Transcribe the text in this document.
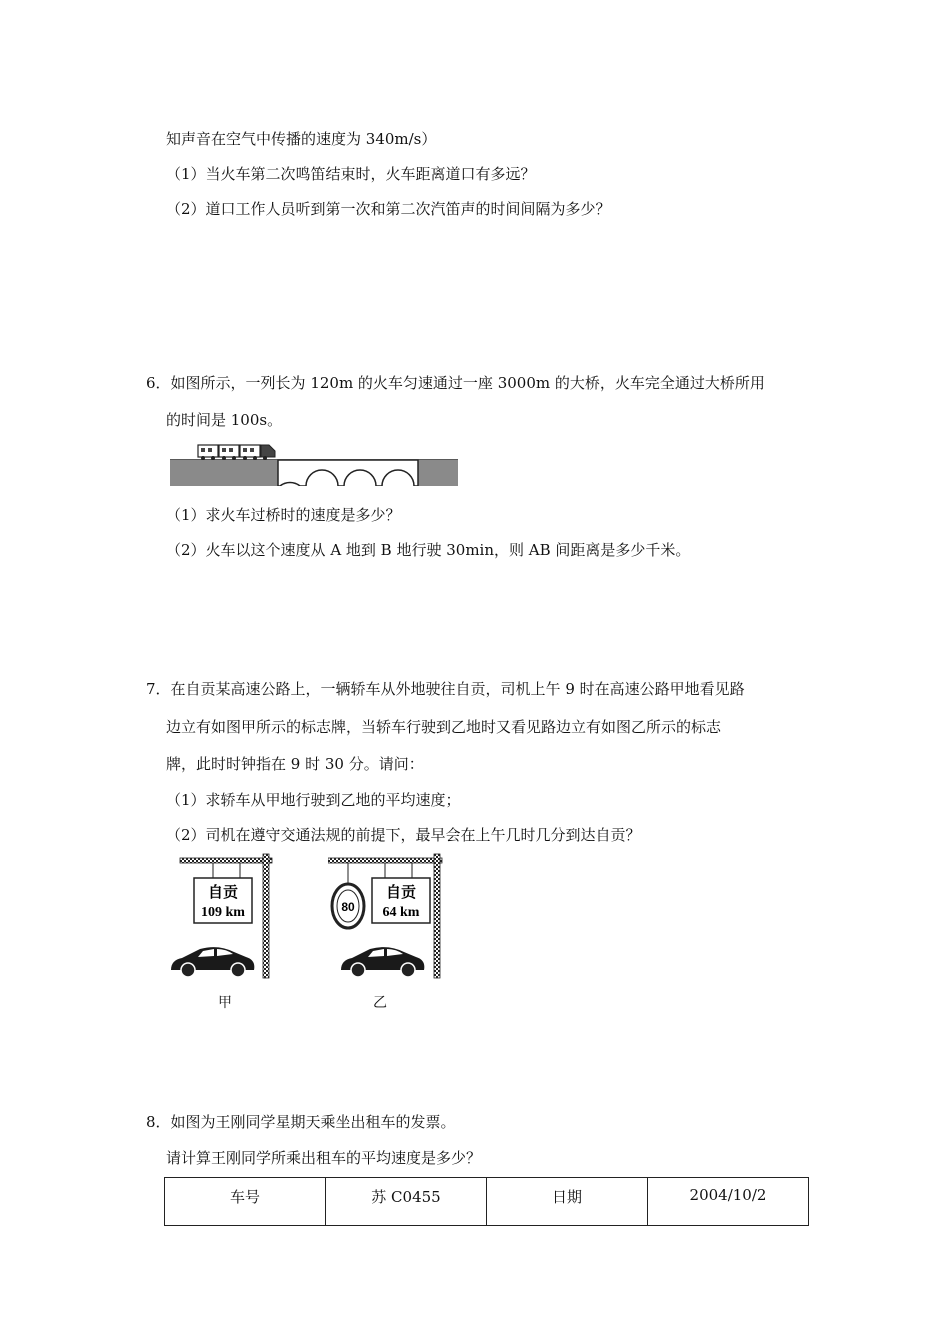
知声音在空气中传播的速度为 340m/s）
（1）当火车第二次鸣笛结束时，火车距离道口有多远？
（2）道口工作人员听到第一次和第二次汽笛声的时间间隔为多少？
6．如图所示，一列长为 120m 的火车匀速通过一座 3000m 的大桥，火车完全通过大桥所用
的时间是 100s。
（1）求火车过桥时的速度是多少？
（2）火车以这个速度从 A 地到 B 地行驶 30min，则 AB 间距离是多少千米。
7．在自贡某高速公路上，一辆轿车从外地驶往自贡，司机上午 9 时在高速公路甲地看见路
边立有如图甲所示的标志牌，当轿车行驶到乙地时又看见路边立有如图乙所示的标志
牌，此时时钟指在 9 时 30 分。请问：
（1）求轿车从甲地行驶到乙地的平均速度；
（2）司机在遵守交通法规的前提下，最早会在上午几时几分到达自贡？
自贡
109 km
甲
80
自贡
64 km
乙
8．如图为王刚同学星期天乘坐出租车的发票。
请计算王刚同学所乘出租车的平均速度是多少？
车号	苏 C0455	日期	2004/10/2
